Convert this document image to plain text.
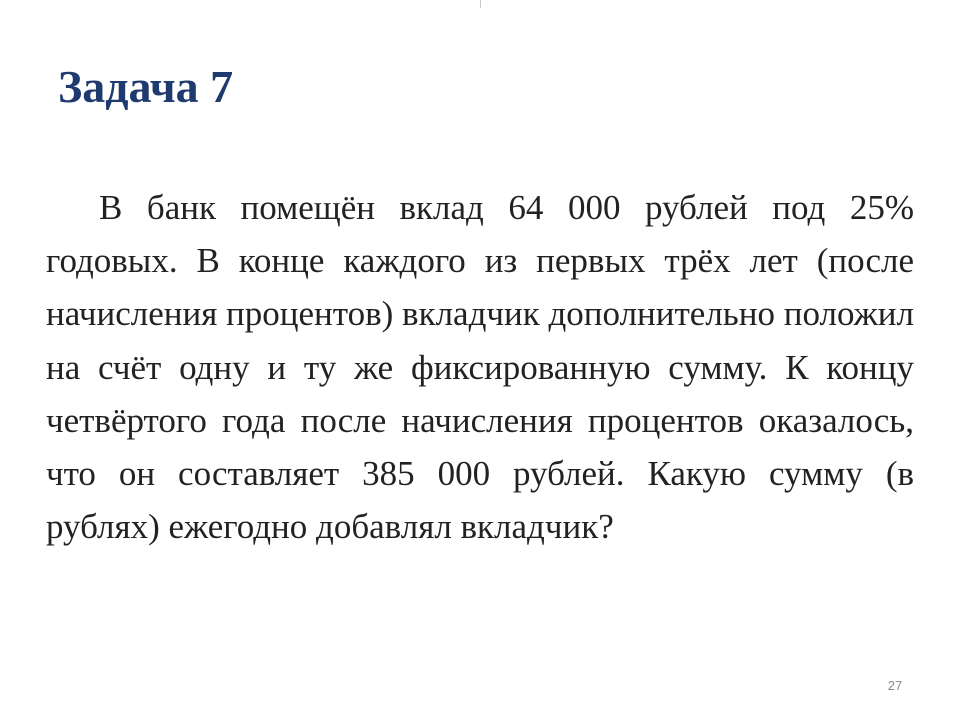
Задача 7

В банк помещён вклад 64 000 рублей под 25% годовых. В конце каждого из первых трёх лет (после начисления процентов) вкладчик дополнительно положил на счёт одну и ту же фиксированную сумму. К концу четвёртого года после начисления процентов оказалось, что он составляет 385 000 рублей. Какую сумму (в рублях) ежегодно добавлял вкладчик?

27
